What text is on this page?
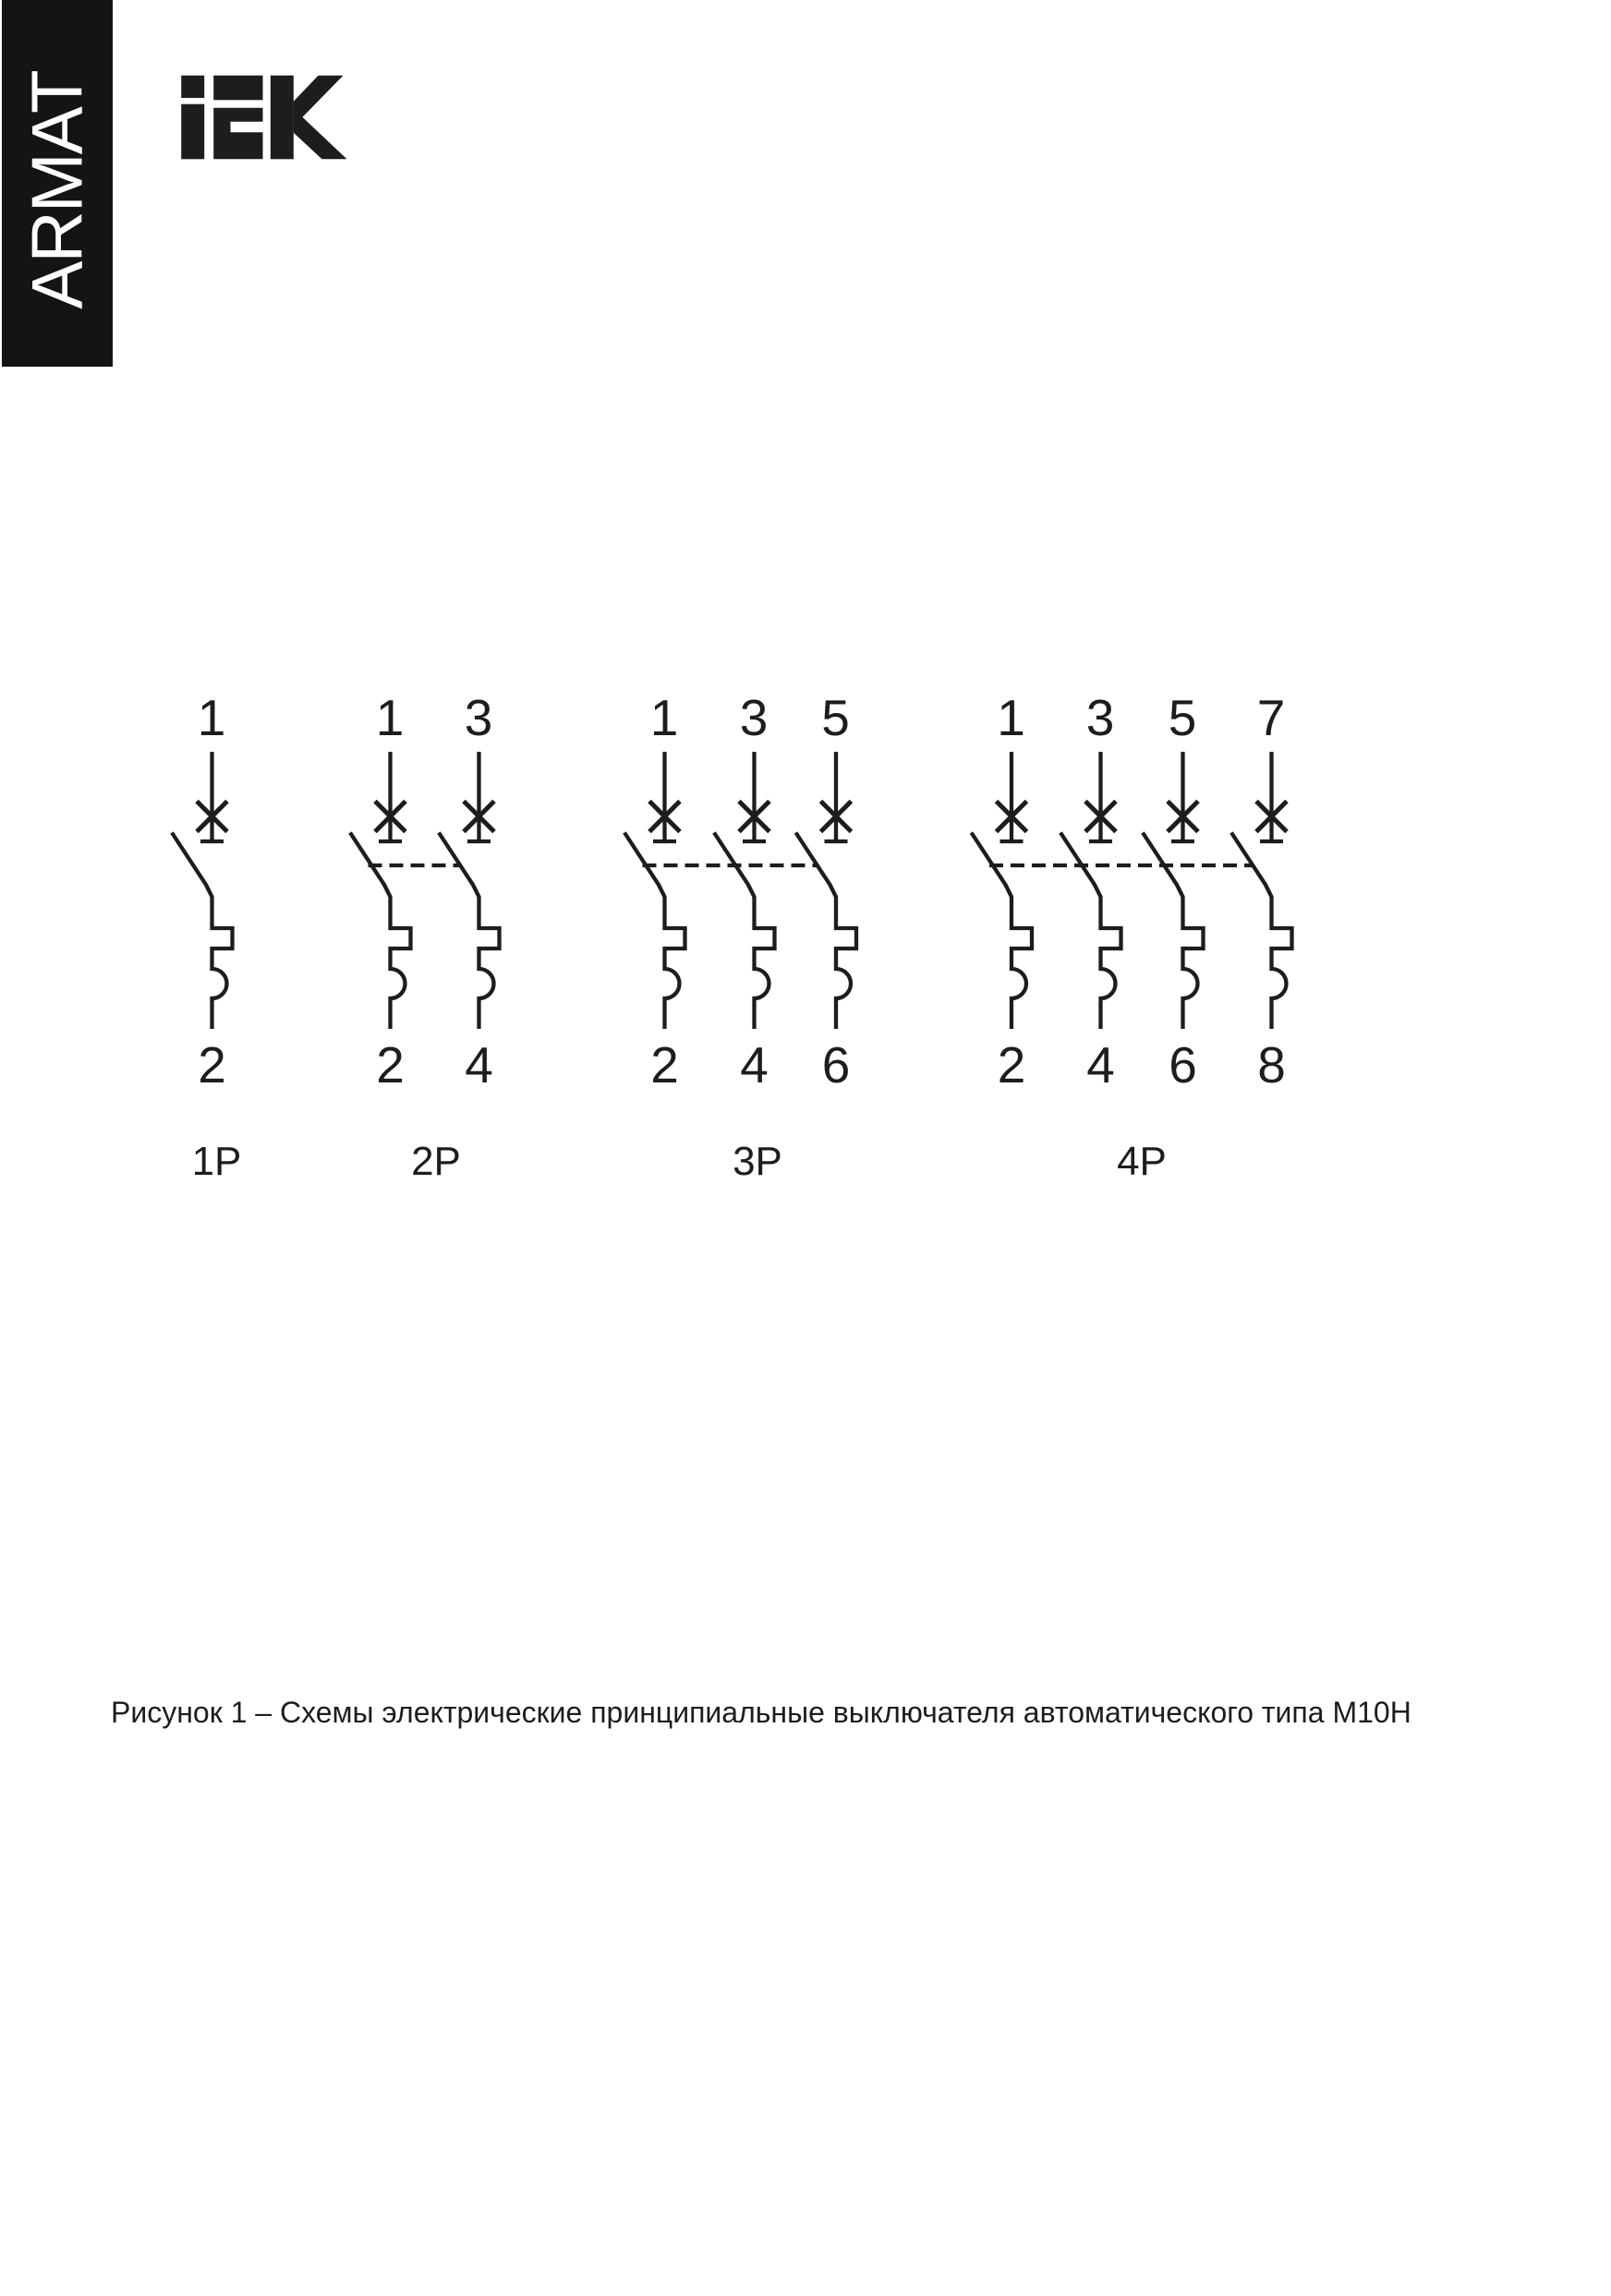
ARMAT
1
2
1P
1
2
3
4
2P
1
2
3
4
5
6
3P
1
2
3
4
5
6
7
8
4P
Рисунок 1 – Схемы электрические принципиальные выключателя автоматического типа М10Н
